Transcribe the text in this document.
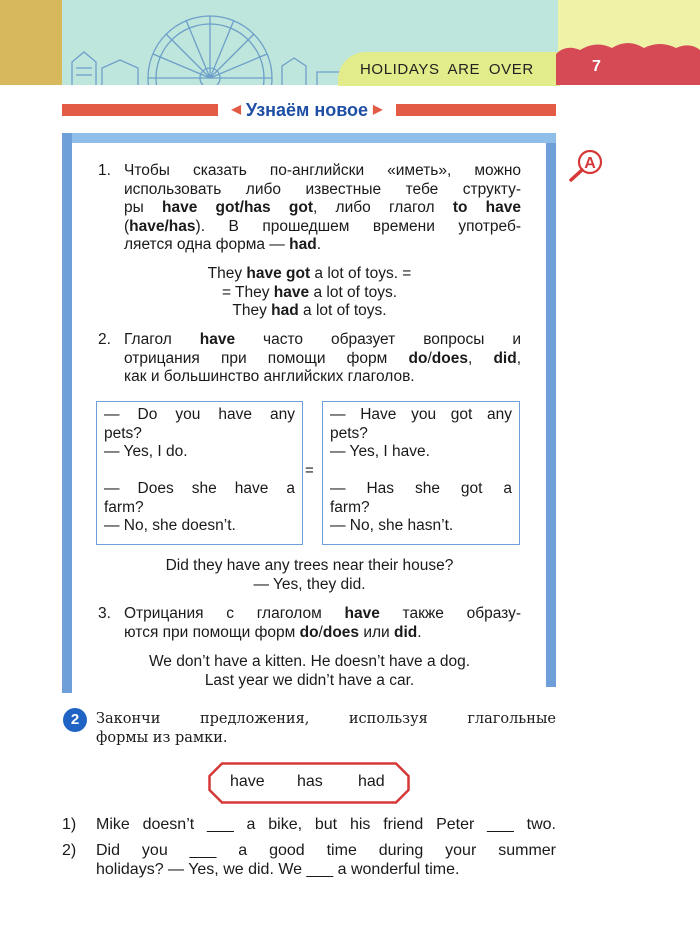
HOLIDAYS ARE OVER	7
◀ Узнаём новое ▶
A
1. Чтобы сказать по-английски «иметь», можно
использовать либо известные тебе структу-
ры have got/has got, либо глагол to have
(have/has). В прошедшем времени употреб-
ляется одна форма — had.
They have got a lot of toys. =
= They have a lot of toys.
They had a lot of toys.
2. Глагол have часто образует вопросы и
отрицания при помощи форм do/does, did,
как и большинство английских глаголов.
— Do you have any
pets?
— Yes, I do.
— Does she have a
farm?
— No, she doesn’t.
=
— Have you got any
pets?
— Yes, I have.
— Has she got a
farm?
— No, she hasn’t.
Did they have any trees near their house?
— Yes, they did.
3. Отрицания с глаголом have также образу-
ются при помощи форм do/does или did.
We don’t have a kitten. He doesn’t have a dog.
Last year we didn’t have a car.
2	Закончи предложения, используя глагольные
формы из рамки.
have has had
1) Mike doesn’t ___ a bike, but his friend Peter ___ two.
2) Did you ___ a good time during your summer
holidays? — Yes, we did. We ___ a wonderful time.
